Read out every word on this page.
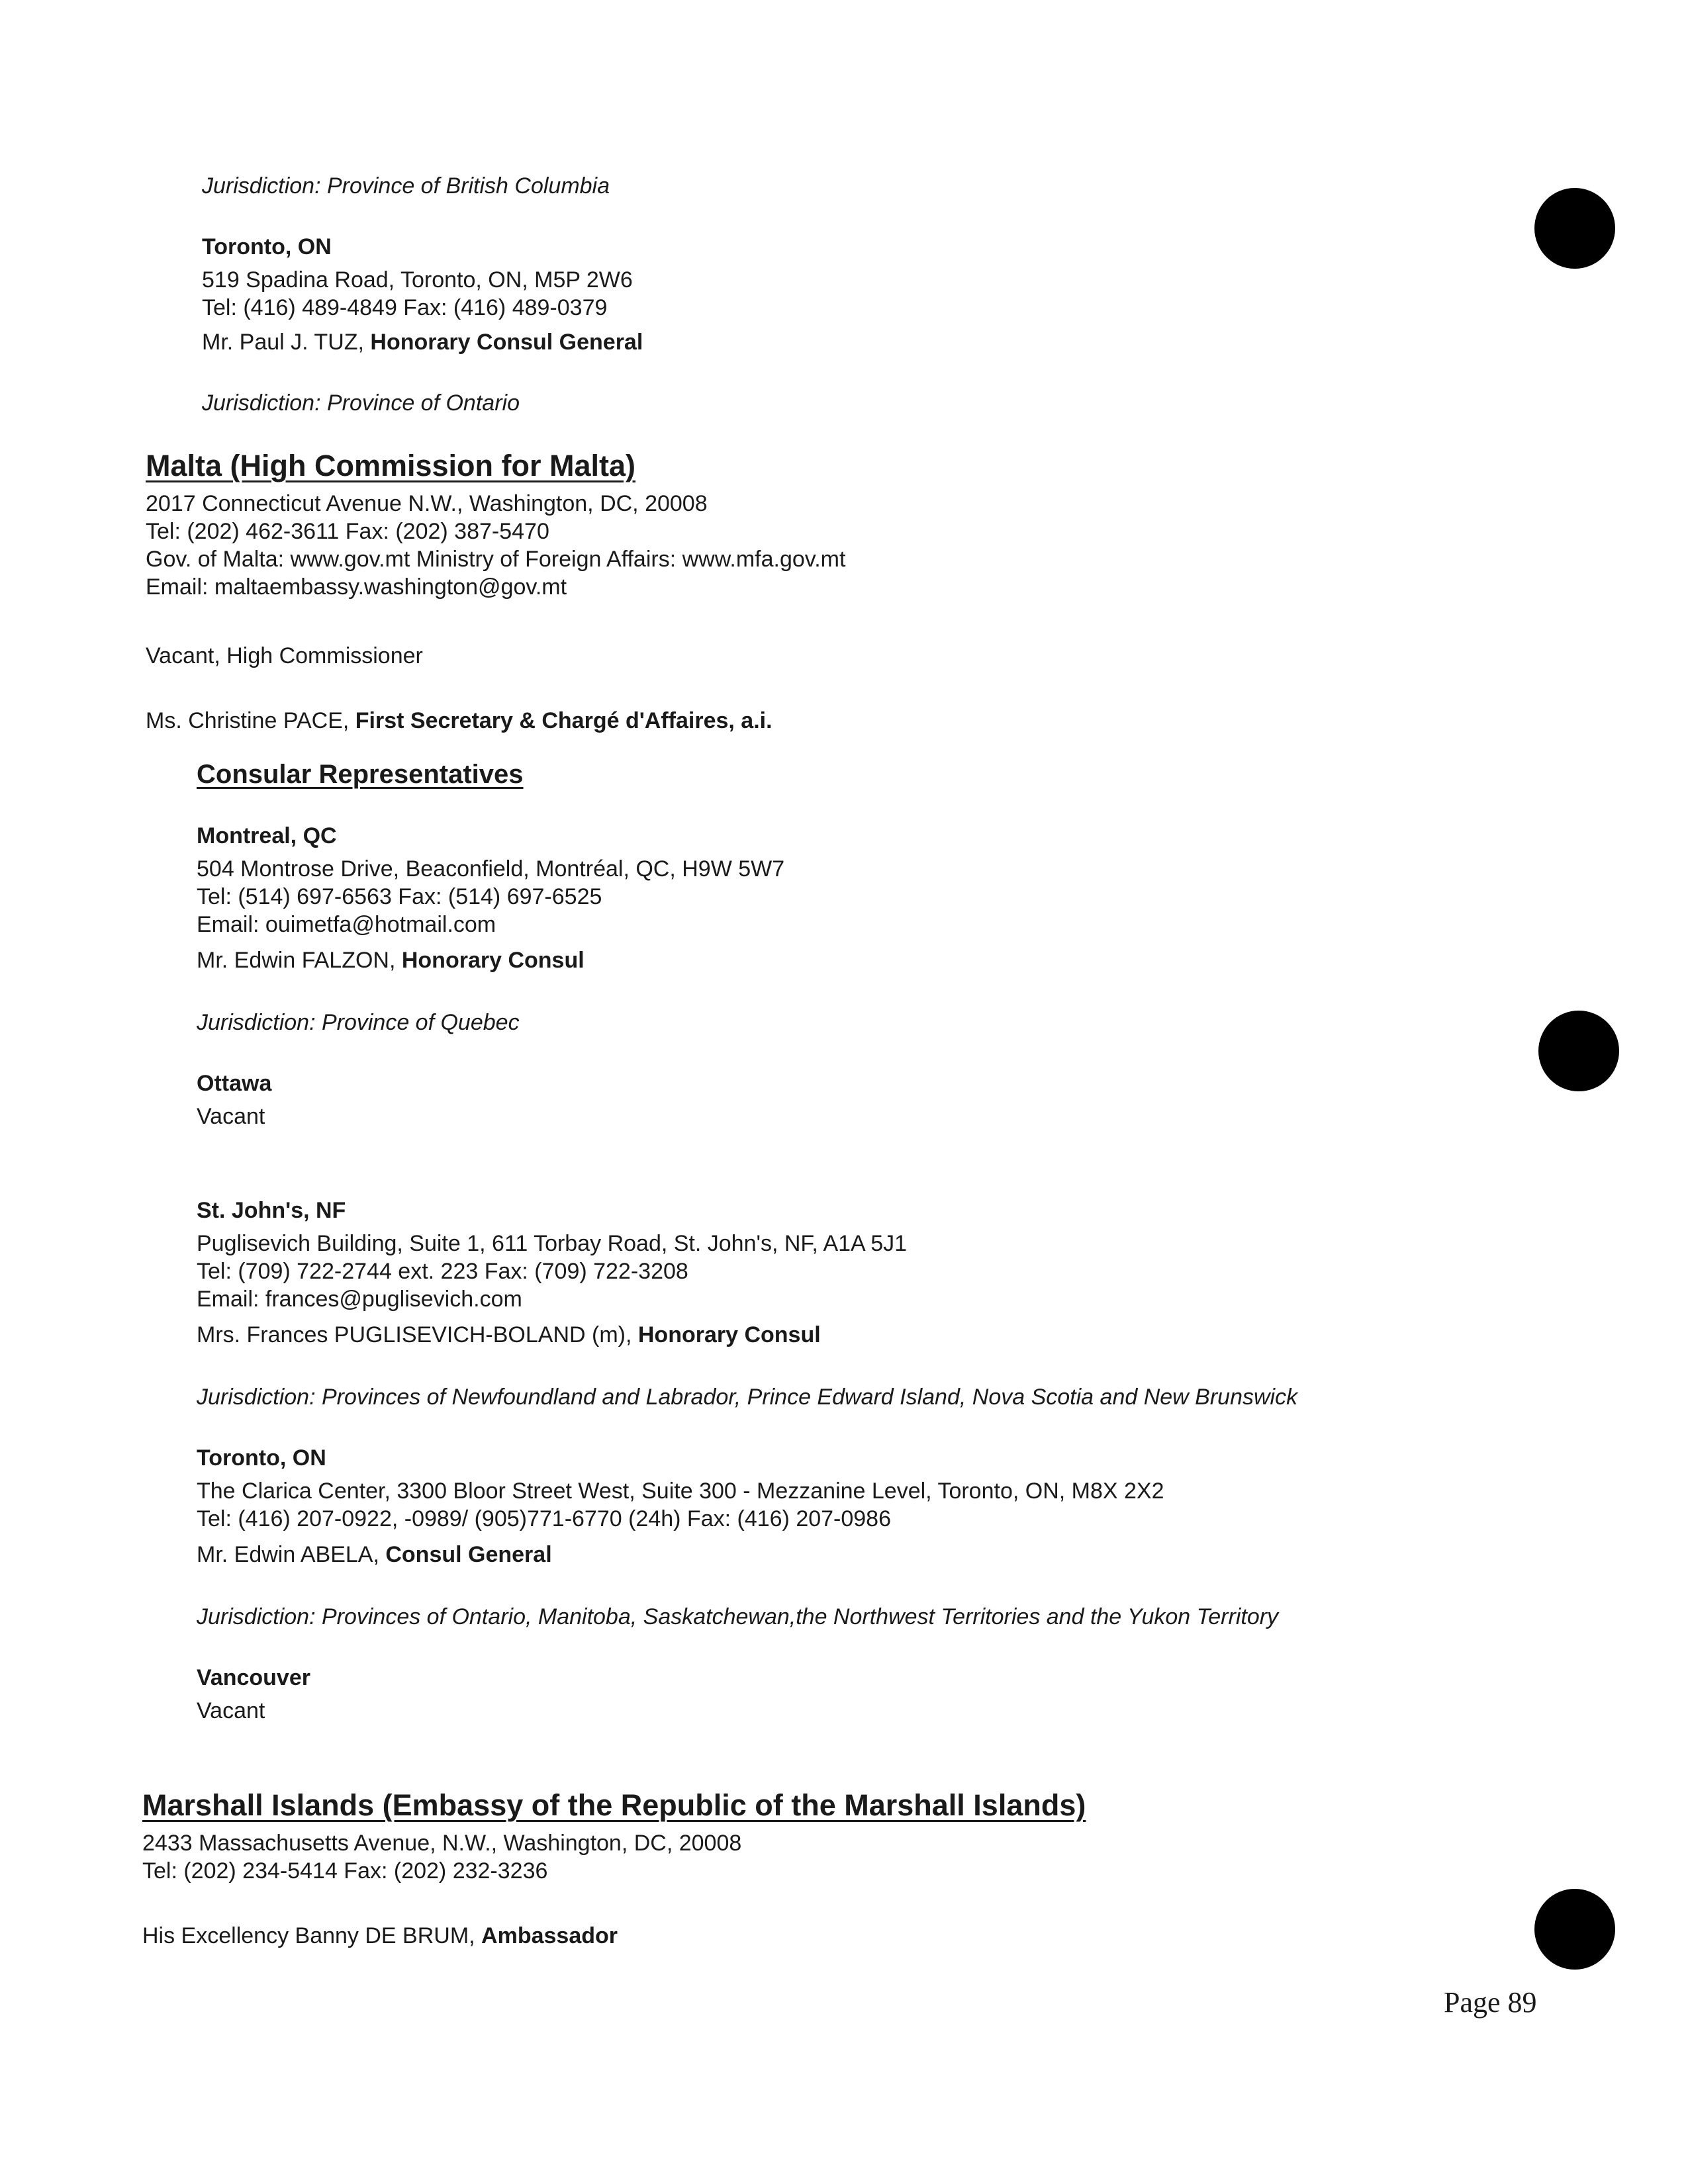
Jurisdiction: Province of British Columbia
Toronto, ON
519 Spadina Road, Toronto, ON, M5P 2W6
Tel: (416) 489-4849 Fax: (416) 489-0379
Mr. Paul J. TUZ, Honorary Consul General
Jurisdiction: Province of Ontario
Malta (High Commission for Malta)
2017 Connecticut Avenue N.W., Washington, DC, 20008
Tel: (202) 462-3611 Fax: (202) 387-5470
Gov. of Malta: www.gov.mt Ministry of Foreign Affairs: www.mfa.gov.mt
Email: maltaembassy.washington@gov.mt
Vacant, High Commissioner
Ms. Christine PACE, First Secretary & Chargé d'Affaires, a.i.
Consular Representatives
Montreal, QC
504 Montrose Drive, Beaconfield, Montréal, QC, H9W 5W7
Tel: (514) 697-6563 Fax: (514) 697-6525
Email: ouimetfa@hotmail.com
Mr. Edwin FALZON, Honorary Consul
Jurisdiction: Province of Quebec
Ottawa
Vacant
St. John's, NF
Puglisevich Building, Suite 1, 611 Torbay Road, St. John's, NF, A1A 5J1
Tel: (709) 722-2744 ext. 223 Fax: (709) 722-3208
Email: frances@puglisevich.com
Mrs. Frances PUGLISEVICH-BOLAND (m), Honorary Consul
Jurisdiction: Provinces of Newfoundland and Labrador, Prince Edward Island, Nova Scotia and New Brunswick
Toronto, ON
The Clarica Center, 3300 Bloor Street West, Suite 300 - Mezzanine Level, Toronto, ON, M8X 2X2
Tel: (416) 207-0922, -0989/ (905)771-6770 (24h) Fax: (416) 207-0986
Mr. Edwin ABELA, Consul General
Jurisdiction: Provinces of Ontario, Manitoba, Saskatchewan,the Northwest Territories and the Yukon Territory
Vancouver
Vacant
Marshall Islands (Embassy of the Republic of the Marshall Islands)
2433 Massachusetts Avenue, N.W., Washington, DC, 20008
Tel: (202) 234-5414 Fax: (202) 232-3236
His Excellency Banny DE BRUM, Ambassador
Page 89
